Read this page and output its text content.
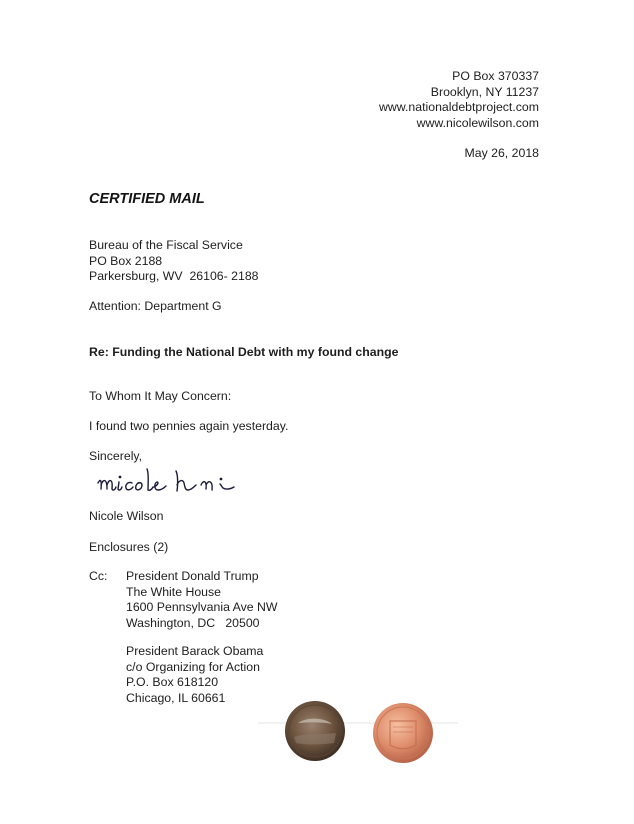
PO Box 370337
Brooklyn, NY 11237
www.nationaldebtproject.com
www.nicolewilson.com
May 26, 2018
CERTIFIED MAIL
Bureau of the Fiscal Service
PO Box 2188
Parkersburg, WV  26106- 2188
Attention: Department G
Re: Funding the National Debt with my found change
To Whom It May Concern:
I found two pennies again yesterday.
Sincerely,
Nicole Wilson
Enclosures (2)
Cc: President Donald Trump
The White House
1600 Pennsylvania Ave NW
Washington, DC   20500
President Barack Obama
c/o Organizing for Action
P.O. Box 618120
Chicago, IL 60661
